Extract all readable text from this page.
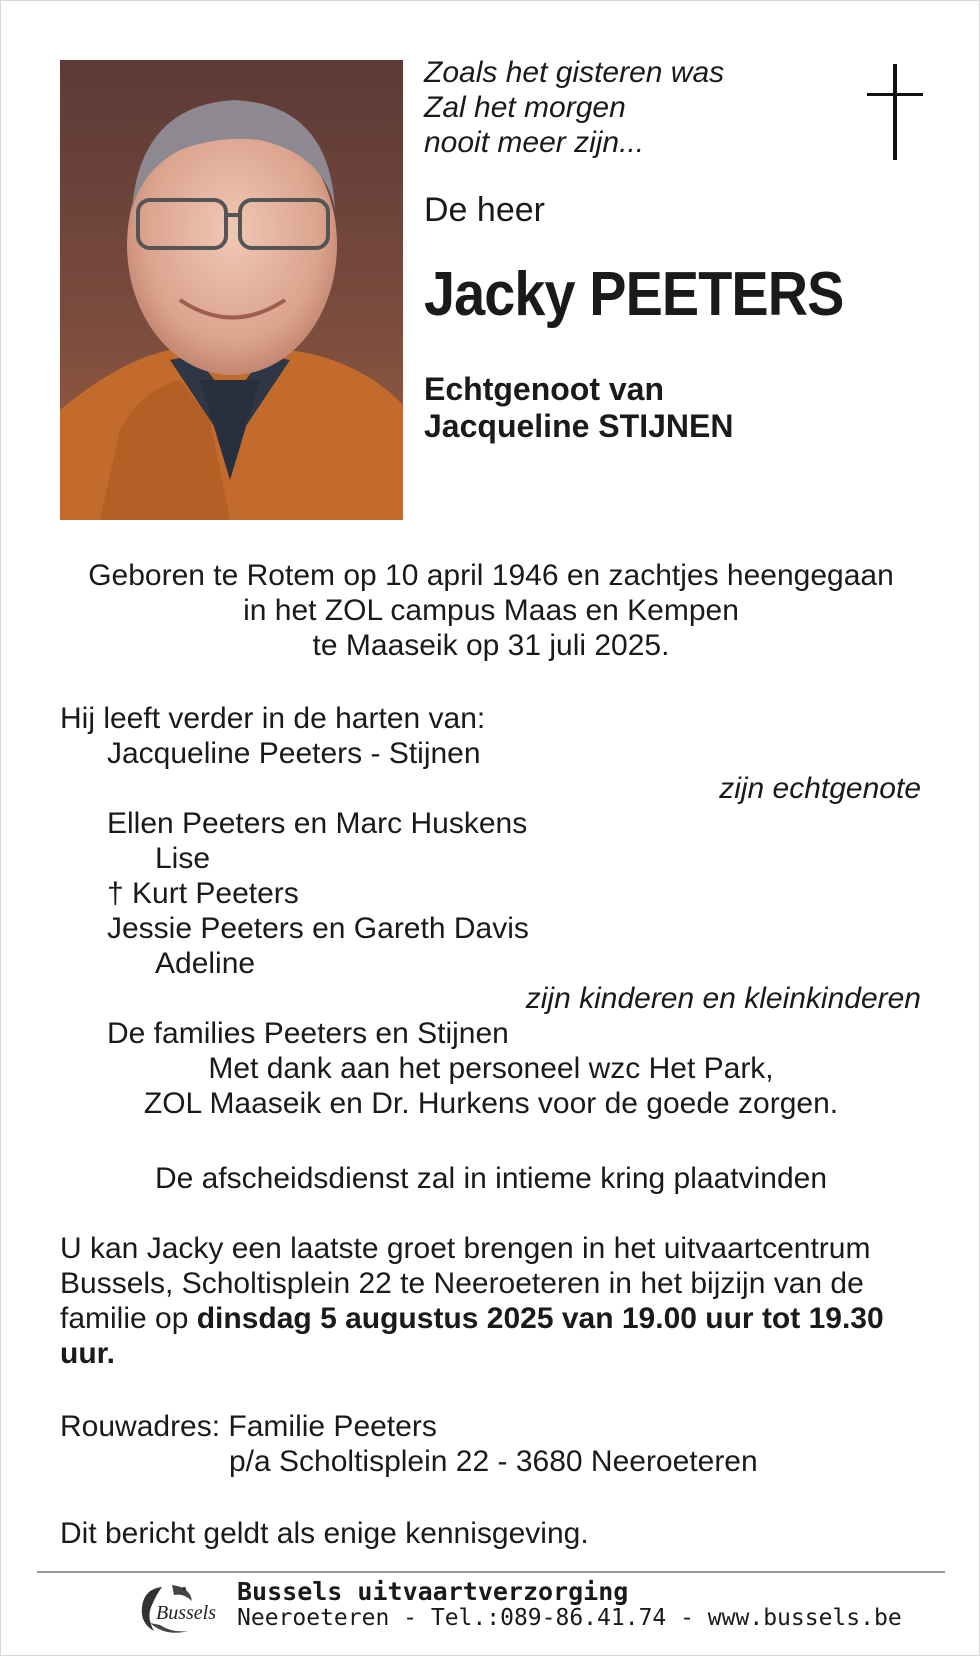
Zoals het gisteren was
Zal het morgen
nooit meer zijn...
De heer
Jacky PEETERS
Echtgenoot van
Jacqueline STIJNEN
Geboren te Rotem op 10 april 1946 en zachtjes heengegaan
in het ZOL campus Maas en Kempen
te Maaseik op 31 juli 2025.
Hij leeft verder in de harten van:
Jacqueline Peeters - Stijnen
zijn echtgenote
Ellen Peeters en Marc Huskens
Lise
† Kurt Peeters
Jessie Peeters en Gareth Davis
Adeline
zijn kinderen en kleinkinderen
De families Peeters en Stijnen
Met dank aan het personeel wzc Het Park,
ZOL Maaseik en Dr. Hurkens voor de goede zorgen.
De afscheidsdienst zal in intieme kring plaatvinden
U kan Jacky een laatste groet brengen in het uitvaartcentrum Bussels, Scholtisplein 22 te Neeroeteren in het bijzijn van de familie op dinsdag 5 augustus 2025 van 19.00 uur tot 19.30 uur.
Rouwadres: Familie Peeters
p/a Scholtisplein 22 - 3680 Neeroeteren
Dit bericht geldt als enige kennisgeving.
Bussels
Bussels uitvaartverzorging
Neeroeteren - Tel.:089-86.41.74 - www.bussels.be
